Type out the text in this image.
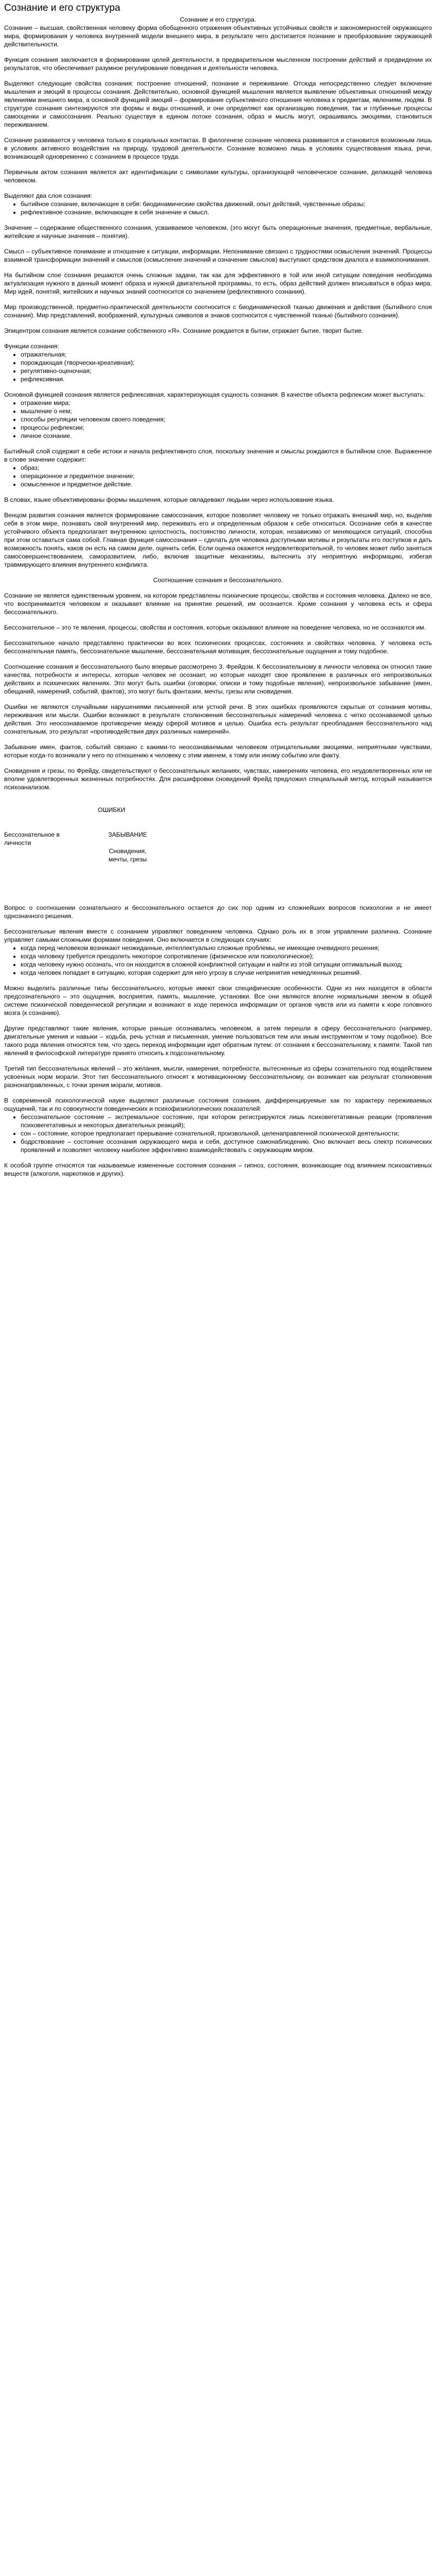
Сознание и его структура

Сознание и его структура.

Сознание – высшая, свойственная человеку форма обобщенного отражения объективных устойчивых свойств и закономерностей окружающего мира, формирования у человека внутренней модели внешнего мира, в результате чего достигается познание и преобразование окружающей действительности.

Функция сознания заключается в формировании целей деятельности, в предварительном мысленном построении действий и предвидении их результатов, что обеспечивает разумное регулирование поведения и деятельности человека.

Выделяют следующие свойства сознания: построение отношений, познание и переживание. Отсюда непосредственно следует включение мышления и эмоций в процессы сознания. Действительно, основной функцией мышления является выявление объективных отношений между явлениями внешнего мира, а основной функцией эмоций – формирование субъективного отношения человека к предметам, явлениям, людям. В структуре сознания синтезируются эти формы и виды отношений, и они определяют как организацию поведения, так и глубинные процессы самооценки и самосознания. Реально существуя в едином потоке сознания, образ и мысль могут, окрашиваясь эмоциями, становиться переживанием.

Сознание развивается у человека только в социальных контактах. В филогенезе сознание человека развивается и становится возможным лишь в условиях активного воздействия на природу, трудовой деятельности. Сознание возможно лишь в условиях существования языка, речи, возникающей одновременно с сознанием в процессе труда.

Первичным актом сознания является акт идентификации с символами культуры, организующей человеческое сознание, делающей человека человеком.

Выделяют два слоя сознания:

• бытийное сознание, включающее в себя: биодинамические свойства движений, опыт действий, чувственные образы;
• рефлективное сознание, включающее в себя значение и смысл.

Значение – содержание общественного сознания, усваиваемое человеком, (это могут быть операционные значения, предметные, вербальные, житейские и научные значения – понятия).

Смысл – субъективное понимание и отношение к ситуации, информации. Непонимание связано с трудностями осмысления значений. Процессы взаимной трансформации значений и смыслов (осмысление значений и означение смыслов) выступают средством диалога и взаимопонимания.

На бытийном слое сознания решаются очень сложные задачи, так как для эффективного в той или иной ситуации поведения необходима актуализация нужного в данный момент образа и нужной двигательной программы, то есть, образ действий должен вписываться в образ мира. Мир идей, понятий, житейских и научных знаний соотносится со значением (рефлективного сознания).

Мир производственной, предметно-практической деятельности соотносится с биодинамической тканью движения и действия (бытийного слоя сознания). Мир представлений, воображений, культурных символов и знаков соотносится с чувственной тканью (бытийного сознания).

Эпицентром сознания является сознание собственного «Я». Сознание рождается в бытии, отражает бытие, творит бытие.

Функции сознания:

• отражательная;
• порождающая (творчески-креативная);
• регулятивно-оценочная;
• рефлексивная.

Основной функцией сознания является рефлексивная, характеризующая сущность сознания. В качестве объекта рефлексии может выступать:

• отражение мира;
• мышление о нем;
• способы регуляции человеком своего поведения;
• процессы рефлексии;
• личное сознание.

Бытийный слой содержит в себе истоки и начала рефлективного слоя, поскольку значения и смыслы рождаются в бытийном слое. Выраженное в слове значение содержит:

• образ;
• операционное и предметное значение;
• осмысленное и предметное действие.

В словах, языке объективированы формы мышления, которые овладевают людьми через использование языка.

Венцом развития сознания является формирование самосознания, которое позволяет человеку не только отражать внешний мир, но, выделив себя в этом мире, познавать свой внутренний мир, переживать его и определенным образом к себе относиться. Осознание себя в качестве устойчивого объекта предполагает внутреннюю целостность, постоянство личности, которая, независимо от меняющихся ситуаций, способна при этом оставаться сама собой. Главная функция самосознания – сделать для человека доступными мотивы и результаты его поступков и дать возможность понять, каков он есть на самом деле, оценить себя. Если оценка окажется неудовлетворительной, то человек может либо заняться самосовершенствованием, саморазвитием, либо, включив защитные механизмы, вытеснить эту неприятную информацию, избегая травмирующего влияния внутреннего конфликта.

Соотношение сознания и бессознательного.

Сознание не является единственным уровнем, на котором представлены психические процессы, свойства и состояния человека. Далеко не все, что воспринимается человеком и оказывает влияние на принятие решений, им осознается. Кроме сознания у человека есть и сфера бессознательного.

Бессознательное – это те явления, процессы, свойства и состояния, которые оказывают влияние на поведение человека, но не осознаются им.

Бессознательное начало представлено практически во всех психических процессах, состояниях и свойствах человека. У человека есть бессознательная память, бессознательное мышление, бессознательная мотивация, бессознательные ощущения и тому подобное.

Соотношение сознания и бессознательного было впервые рассмотрено З. Фрейдом. К бессознательному в личности человека он относил такие качества, потребности и интересы, которые человек не осознает, но которые находят свое проявление в различных его непроизвольных действиях и психических явлениях. Это могут быть ошибки (оговорки, описки и тому подобные явления), непроизвольное забывание (имен, обещаний, намерений, событий, фактов), это могут быть фантазии, мечты, грезы или сновидения.

Ошибки не являются случайными нарушениями письменной или устной речи. В этих ошибках проявляются скрытые от сознания мотивы, переживания или мысли. Ошибки возникают в результате столкновения бессознательных намерений человека с четко осознаваемой целью действия. Это неосознаваемое противоречие между сферой мотивов и целью. Ошибка есть результат преобладания бессознательного над сознательным, это результат «противодействия двух различных намерений».

Забывание имен, фактов, событий связано с какими-то неосознаваемыми человеком отрицательными эмоциями, неприятными чувствами, которые когда-то возникали у него по отношению к человеку с этим именем, к тому или иному событию или факту.

Сновидения и грезы, по Фрейду, свидетельствуют о бессознательных желаниях, чувствах, намерениях человека, его неудовлетворенных или не вполне удовлетворенных жизненных потребностях. Для расшифровки сновидений Фрейд предложил специальный метод, который называется психоанализом.

ОШИБКИ
Бессознательное в личности
ЗАБЫВАНИЕ

Сновидения,
мечты, грезы

Вопрос о соотношении сознательного и бессознательного остается до сих пор одним из сложнейших вопросов психологии и не имеет однозначного решения.

Бессознательные явления вместе с сознанием управляют поведением человека. Однако роль их в этом управлении различна. Сознание управляет самыми сложными формами поведения. Оно включается в следующих случаях:

• когда перед человеком возникают неожиданные, интеллектуально сложные проблемы, не имеющие очевидного решения;
• когда человеку требуется преодолеть некоторое сопротивление (физическое или психологическое);
• когда человеку нужно осознать, что он находится в сложной конфликтной ситуации и найти из этой ситуации оптимальный выход;
• когда человек попадает в ситуацию, которая содержит для него угрозу в случае непринятия немедленных решений.

Можно выделить различные типы бессознательного, которые имеют свои специфические особенности. Одни из них находятся в области предсознательного – это ощущения, восприятия, память, мышление, установки. Все они являются вполне нормальными звеном в общей системе психической поведенческой регуляции и возникают в ходе переноса информации от органов чувств или из памяти к коре головного мозга (к сознанию).

Другие представляют такие явления, которые раньше осознавались человеком, а затем перешли в сферу бессознательного (например, двигательные умения и навыки – ходьба, речь устная и письменная, умение пользоваться тем или иным инструментом и тому подобное). Все такого рода явления относятся тем, что здесь переход информации идет обратным путем: от сознания к бессознательному, к памяти. Такой тип явлений в философской литературе принято относить к подсознательному.

Третий тип бессознательных явлений – это желания, мысли, намерения, потребности, вытесненные из сферы сознательного под воздействием усвоенных норм морали. Этот тип бессознательного относят к мотивационному бессознательному, он возникает как результат столкновения разнонаправленных, с точки зрения морали, мотивов.

В современной психологической науке выделяют различные состояния сознания, дифференцируемые как по характеру переживаемых ощущений, так и по совокупности поведенческих и психофизиологических показателей:

• бессознательное состояние – экстремальное состояние, при котором регистрируются лишь психовегетативные реакции (проявления психовегетативных и некоторых двигательных реакций);
• сон – состояние, которое предполагает прерывание сознательной, произвольной, целенаправленной психической деятельности;
• бодрствование – состояние осознания окружающего мира и себя, доступное самонаблюдению. Оно включает весь спектр психических проявлений и позволяет человеку наиболее эффективно взаимодействовать с окружающим миром.

К особой группе относятся так называемые измененные состояния сознания – гипноз, состояния, возникающие под влиянием психоактивных веществ (алкоголя, наркотиков и других).
